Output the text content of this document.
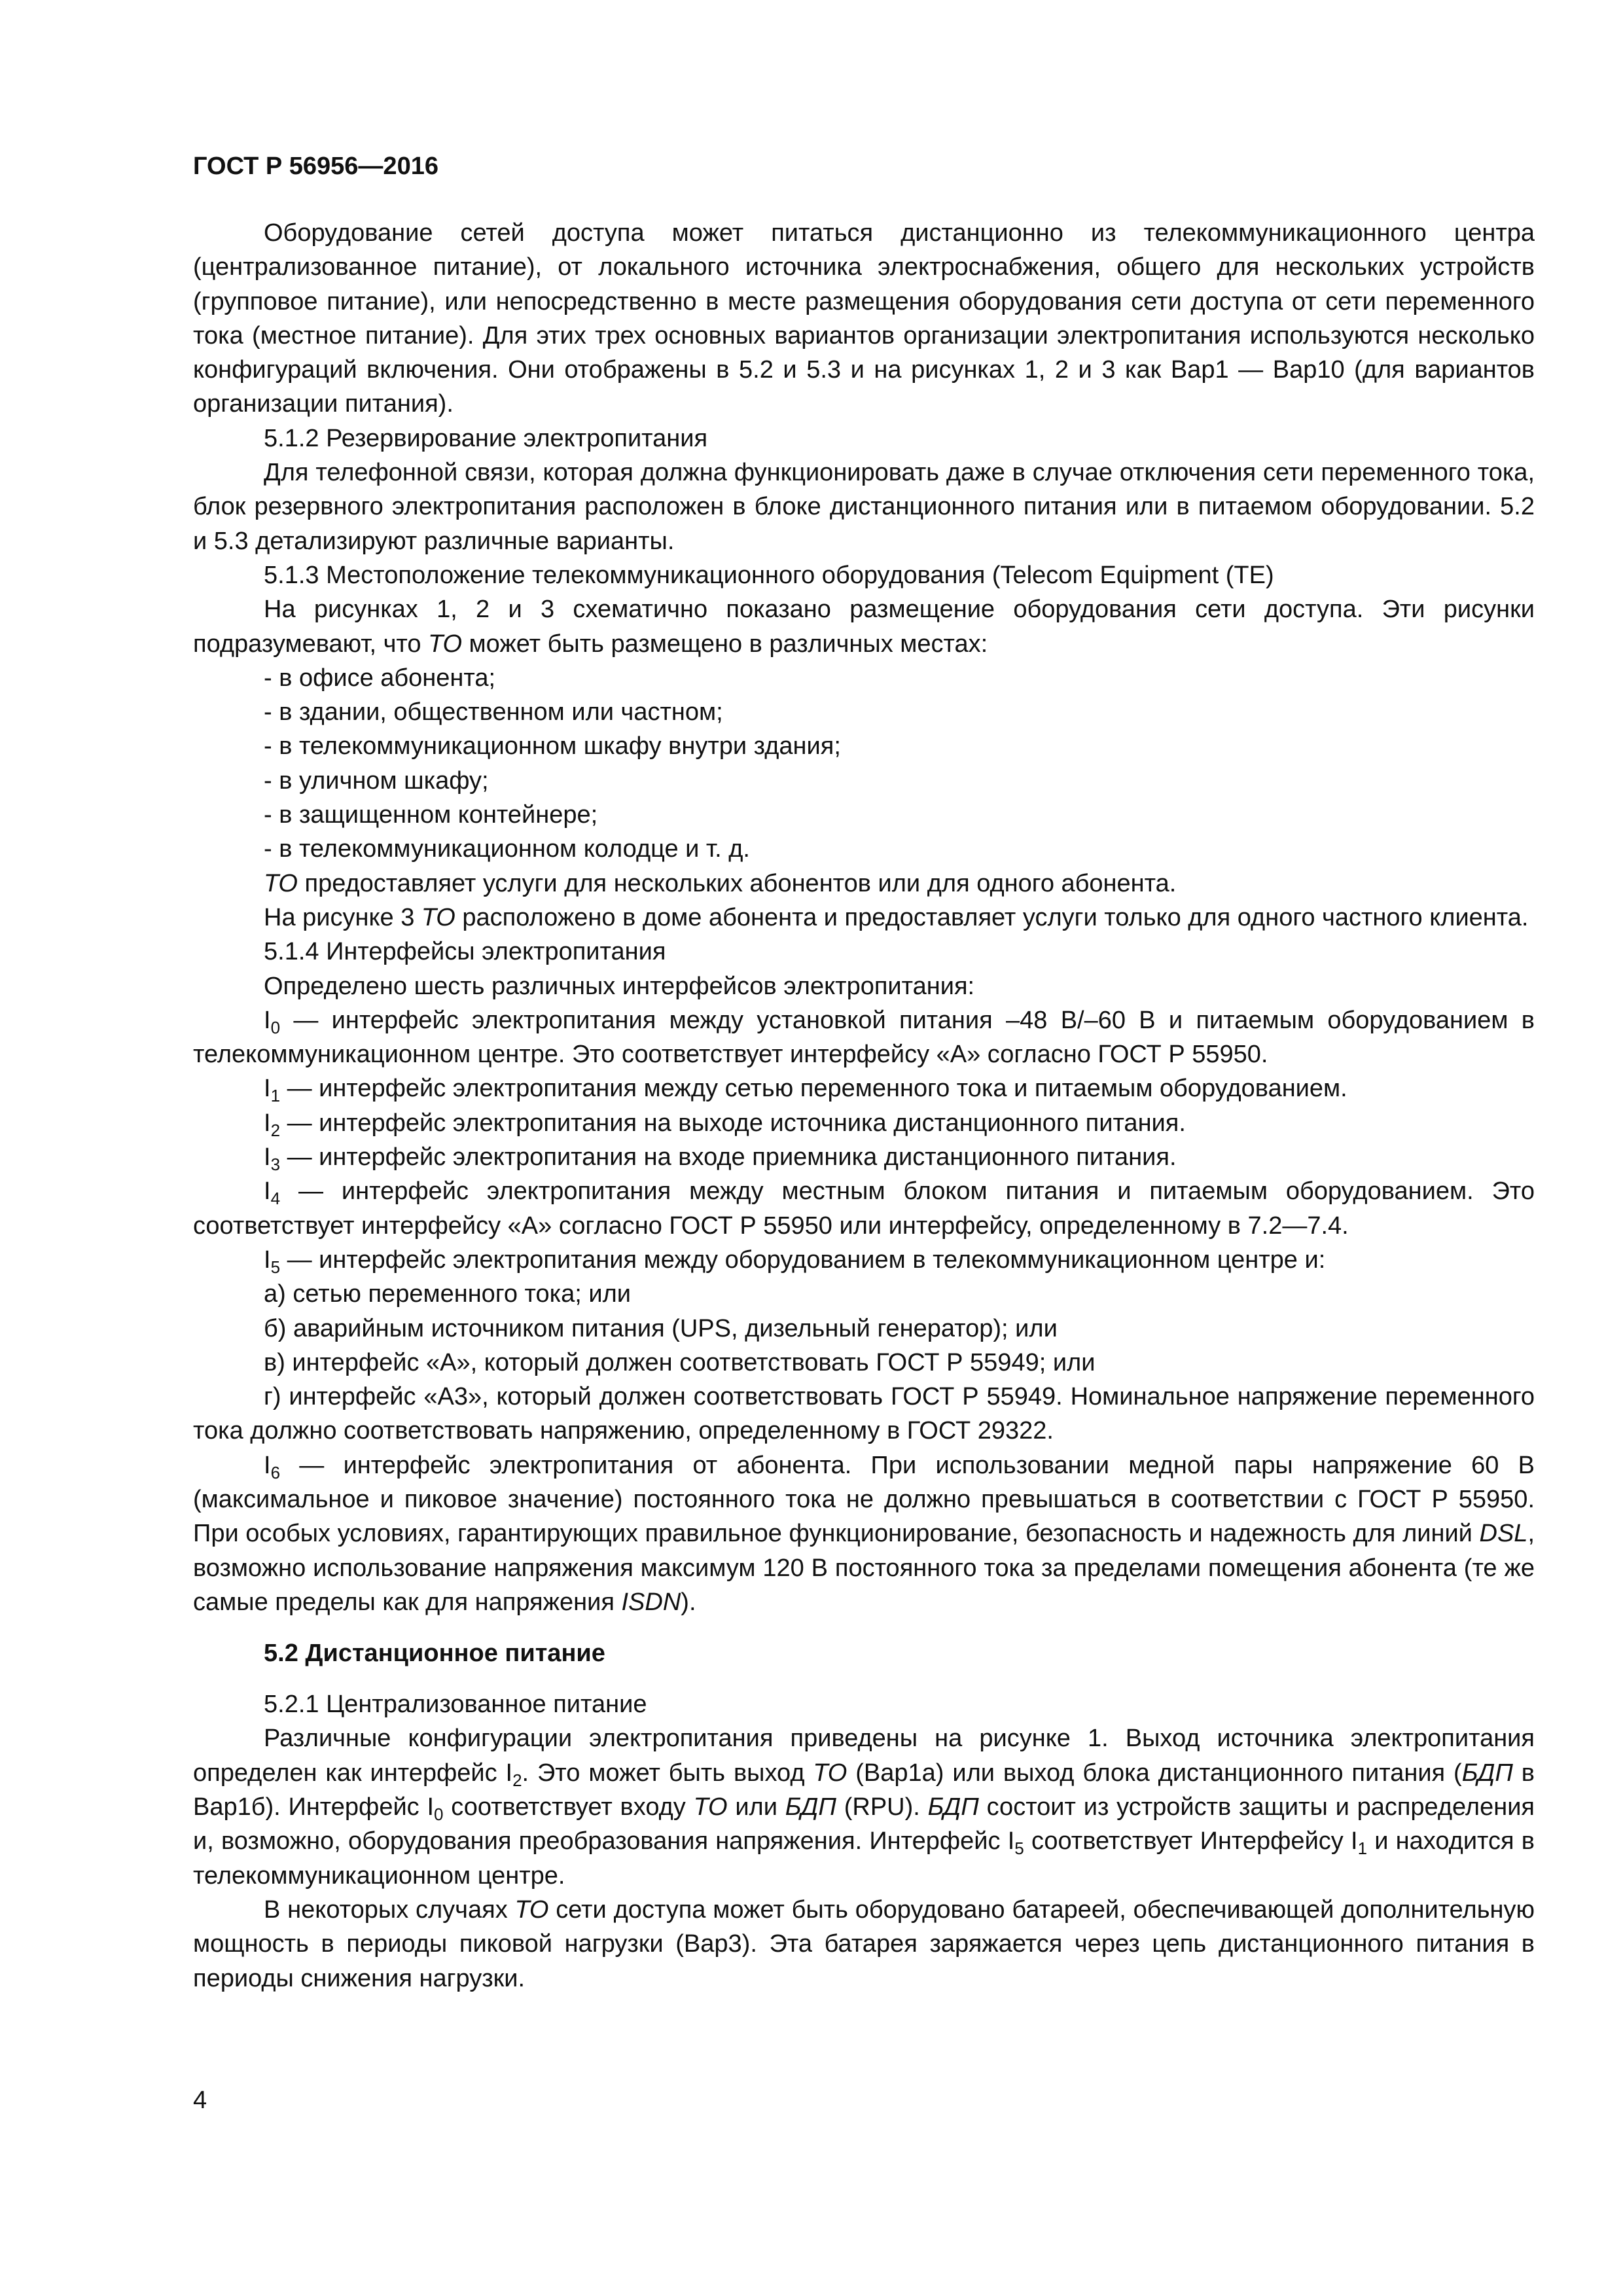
ГОСТ Р 56956—2016
Оборудование сетей доступа может питаться дистанционно из телекоммуникационного центра (централизованное питание), от локального источника электроснабжения, общего для нескольких устройств (групповое питание), или непосредственно в месте размещения оборудования сети доступа от сети переменного тока (местное питание). Для этих трех основных вариантов организации электропитания используются несколько конфигураций включения. Они отображены в 5.2 и 5.3 и на рисунках 1, 2 и 3 как Вар1 — Вар10 (для вариантов организации питания).
5.1.2 Резервирование электропитания
Для телефонной связи, которая должна функционировать даже в случае отключения сети переменного тока, блок резервного электропитания расположен в блоке дистанционного питания или в питаемом оборудовании. 5.2 и 5.3 детализируют различные варианты.
5.1.3 Местоположение телекоммуникационного оборудования (Telecom Equipment (TE)
На рисунках 1, 2 и 3 схематично показано размещение оборудования сети доступа. Эти рисунки подразумевают, что ТО может быть размещено в различных местах:
- в офисе абонента;
- в здании, общественном или частном;
- в телекоммуникационном шкафу внутри здания;
- в уличном шкафу;
- в защищенном контейнере;
- в телекоммуникационном колодце и т. д.
ТО предоставляет услуги для нескольких абонентов или для одного абонента.
На рисунке 3 ТО расположено в доме абонента и предоставляет услуги только для одного частного клиента.
5.1.4 Интерфейсы электропитания
Определено шесть различных интерфейсов электропитания:
$I_0$ — интерфейс электропитания между установкой питания –48 В/–60 В и питаемым оборудованием в телекоммуникационном центре. Это соответствует интерфейсу «А» согласно ГОСТ Р 55950.
$I_1$ — интерфейс электропитания между сетью переменного тока и питаемым оборудованием.
$I_2$ — интерфейс электропитания на выходе источника дистанционного питания.
$I_3$ — интерфейс электропитания на входе приемника дистанционного питания.
$I_4$ — интерфейс электропитания между местным блоком питания и питаемым оборудованием. Это соответствует интерфейсу «А» согласно ГОСТ Р 55950 или интерфейсу, определенному в 7.2—7.4.
$I_5$ — интерфейс электропитания между оборудованием в телекоммуникационном центре и:
а) сетью переменного тока; или
б) аварийным источником питания (UPS, дизельный генератор); или
в) интерфейс «А», который должен соответствовать ГОСТ Р 55949; или
г) интерфейс «А3», который должен соответствовать ГОСТ Р 55949. Номинальное напряжение переменного тока должно соответствовать напряжению, определенному в ГОСТ 29322.
$I_6$ — интерфейс электропитания от абонента. При использовании медной пары напряжение 60 В (максимальное и пиковое значение) постоянного тока не должно превышаться в соответствии с ГОСТ Р 55950. При особых условиях, гарантирующих правильное функционирование, безопасность и надежность для линий DSL, возможно использование напряжения максимум 120 В постоянного тока за пределами помещения абонента (те же самые пределы как для напряжения ISDN).
5.2 Дистанционное питание
5.2.1 Централизованное питание
Различные конфигурации электропитания приведены на рисунке 1. Выход источника электропитания определен как интерфейс $I_2$. Это может быть выход ТО (Вар1а) или выход блока дистанционного питания (БДП в Вар1б). Интерфейс $I_0$ соответствует входу ТО или БДП (RPU). БДП состоит из устройств защиты и распределения и, возможно, оборудования преобразования напряжения. Интерфейс $I_5$ соответствует Интерфейсу $I_1$ и находится в телекоммуникационном центре.
В некоторых случаях ТО сети доступа может быть оборудовано батареей, обеспечивающей дополнительную мощность в периоды пиковой нагрузки (Вар3). Эта батарея заряжается через цепь дистанционного питания в периоды снижения нагрузки.
4
